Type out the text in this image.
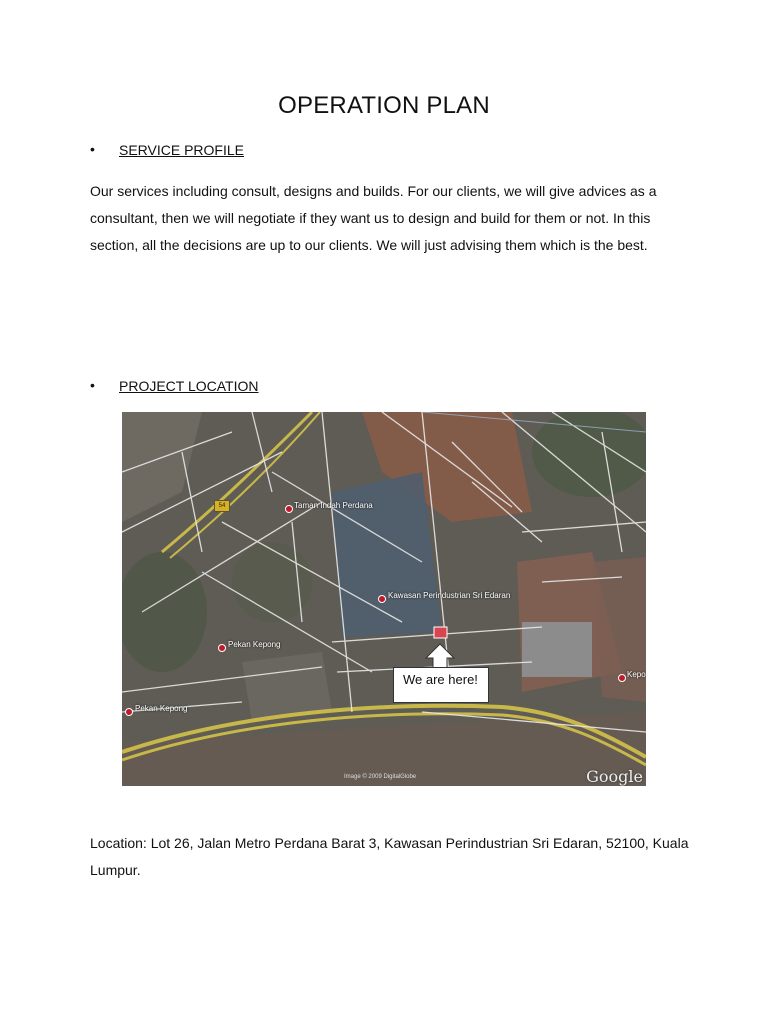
OPERATION PLAN
• SERVICE PROFILE

Our services including consult, designs and builds. For our clients, we will give advices as a consultant, then we will negotiate if they want us to design and build for them or not. In this section, all the decisions are up to our clients. We will just advising them which is the best.

• PROJECT LOCATION
54	Taman Indah Perdana
Kawasan Perindustrian Sri Edaran
Pekan Kepong
Pekan Kepong
Kepo
Image © 2009 DigitalGlobe	Google
We are here!

Location: Lot 26, Jalan Metro Perdana Barat 3, Kawasan Perindustrian Sri Edaran, 52100, Kuala Lumpur.
